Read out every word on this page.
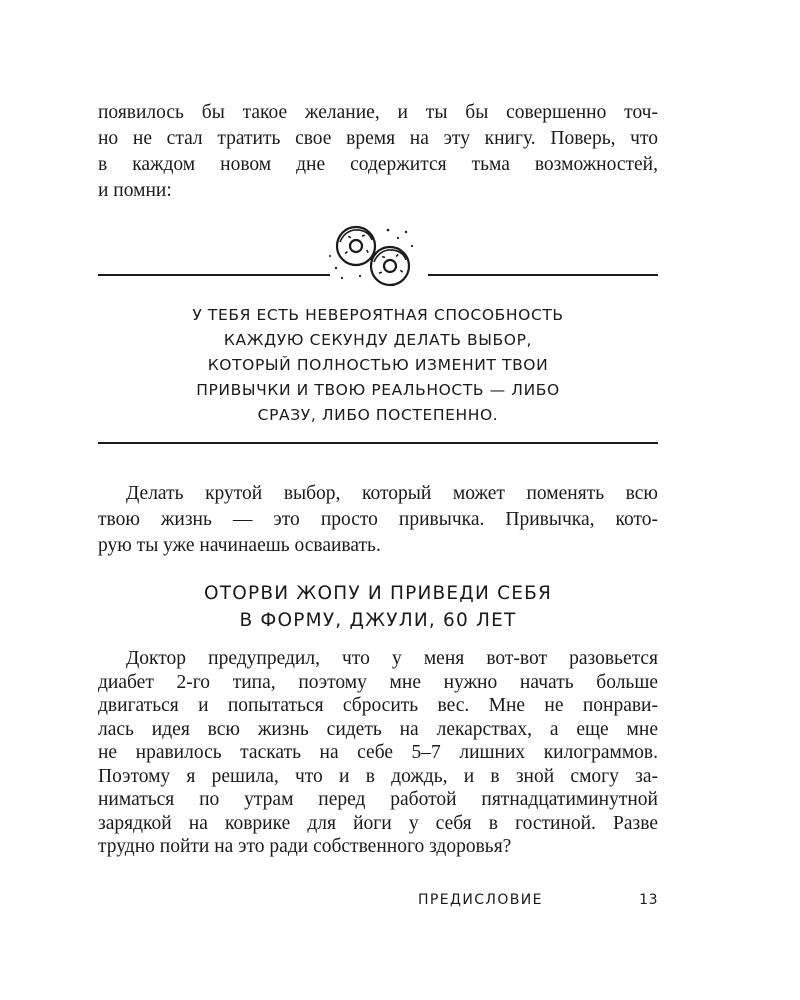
появилось бы такое желание, и ты бы совершенно точ-
но не стал тратить свое время на эту книгу. Поверь, что
в каждом новом дне содержится тьма возможностей,
и помни:
У ТЕБЯ ЕСТЬ НЕВЕРОЯТНАЯ СПОСОБНОСТЬ
КАЖДУЮ СЕКУНДУ ДЕЛАТЬ ВЫБОР,
КОТОРЫЙ ПОЛНОСТЬЮ ИЗМЕНИТ ТВОИ
ПРИВЫЧКИ И ТВОЮ РЕАЛЬНОСТЬ — ЛИБО
СРАЗУ, ЛИБО ПОСТЕПЕННО.
Делать крутой выбор, который может поменять всю
твою жизнь — это просто привычка. Привычка, кото-
рую ты уже начинаешь осваивать.
ОТОРВИ ЖОПУ И ПРИВЕДИ СЕБЯ
В ФОРМУ, ДЖУЛИ, 60 ЛЕТ
Доктор предупредил, что у меня вот-вот разовьется
диабет 2-го типа, поэтому мне нужно начать больше
двигаться и попытаться сбросить вес. Мне не понрави-
лась идея всю жизнь сидеть на лекарствах, а еще мне
не нравилось таскать на себе 5–7 лишних килограммов.
Поэтому я решила, что и в дождь, и в зной смогу за-
ниматься по утрам перед работой пятнадцатиминутной
зарядкой на коврике для йоги у себя в гостиной. Разве
трудно пойти на это ради собственного здоровья?
ПРЕДИСЛОВИЕ	13
